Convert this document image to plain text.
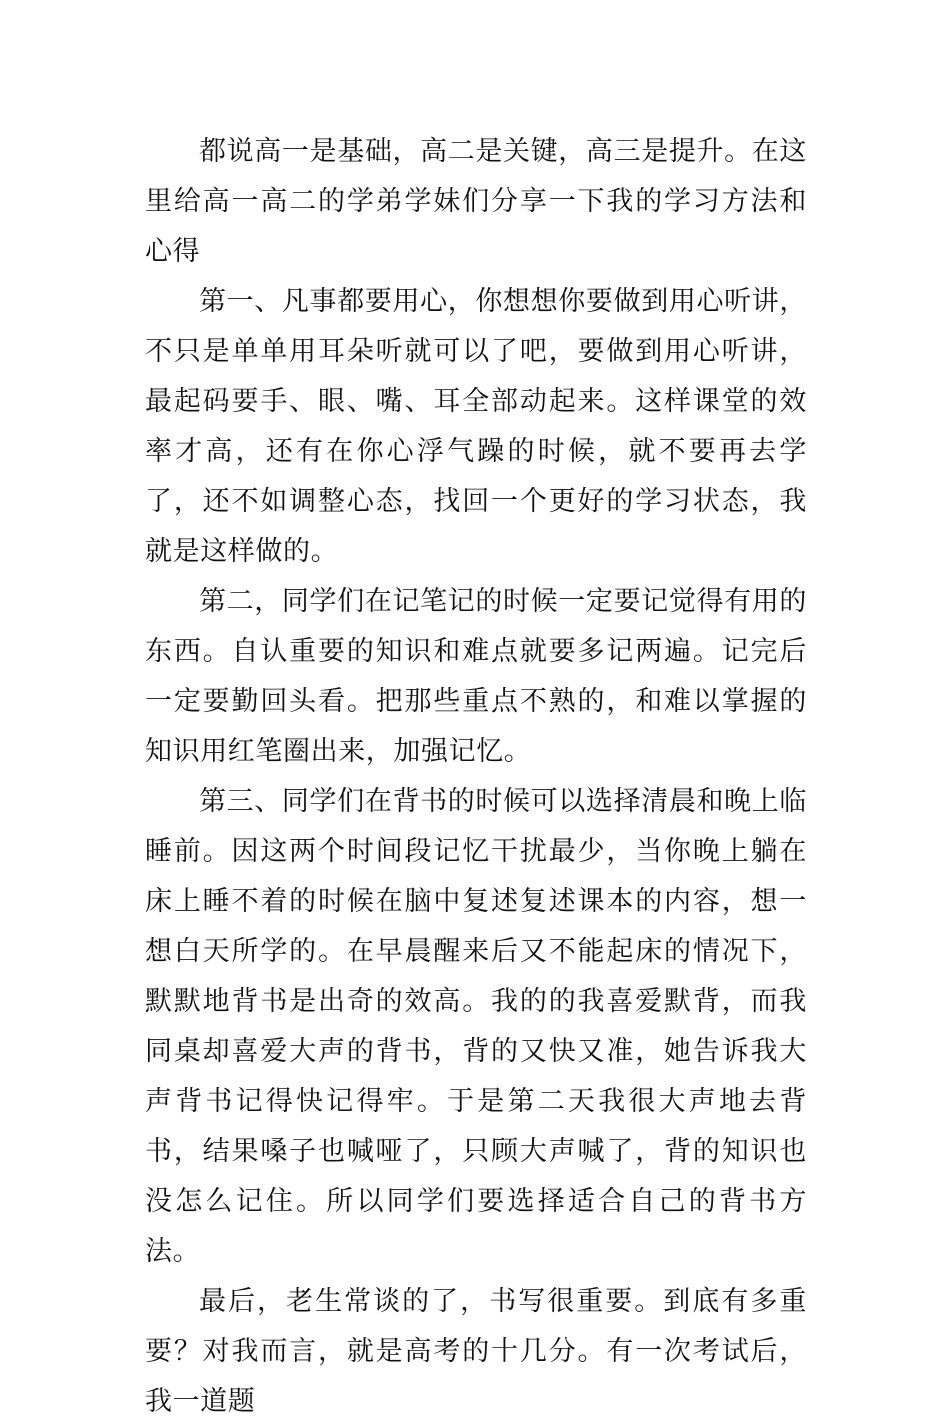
都说高一是基础，高二是关键，高三是提升。在这里给高一高二的学弟学妹们分享一下我的学习方法和心得

第一、凡事都要用心，你想想你要做到用心听讲，不只是单单用耳朵听就可以了吧，要做到用心听讲，最起码要手、眼、嘴、耳全部动起来。这样课堂的效率才高，还有在你心浮气躁的时候，就不要再去学了，还不如调整心态，找回一个更好的学习状态，我就是这样做的。

第二，同学们在记笔记的时候一定要记觉得有用的东西。自认重要的知识和难点就要多记两遍。记完后一定要勤回头看。把那些重点不熟的，和难以掌握的知识用红笔圈出来，加强记忆。

第三、同学们在背书的时候可以选择清晨和晚上临睡前。因这两个时间段记忆干扰最少，当你晚上躺在床上睡不着的时候在脑中复述复述课本的内容，想一想白天所学的。在早晨醒来后又不能起床的情况下，默默地背书是出奇的效高。我的的我喜爱默背，而我同桌却喜爱大声的背书，背的又快又准，她告诉我大声背书记得快记得牢。于是第二天我很大声地去背书，结果嗓子也喊哑了，只顾大声喊了，背的知识也没怎么记住。所以同学们要选择适合自己的背书方法。

最后，老生常谈的了，书写很重要。到底有多重要？对我而言，就是高考的十几分。有一次考试后，我一道题
